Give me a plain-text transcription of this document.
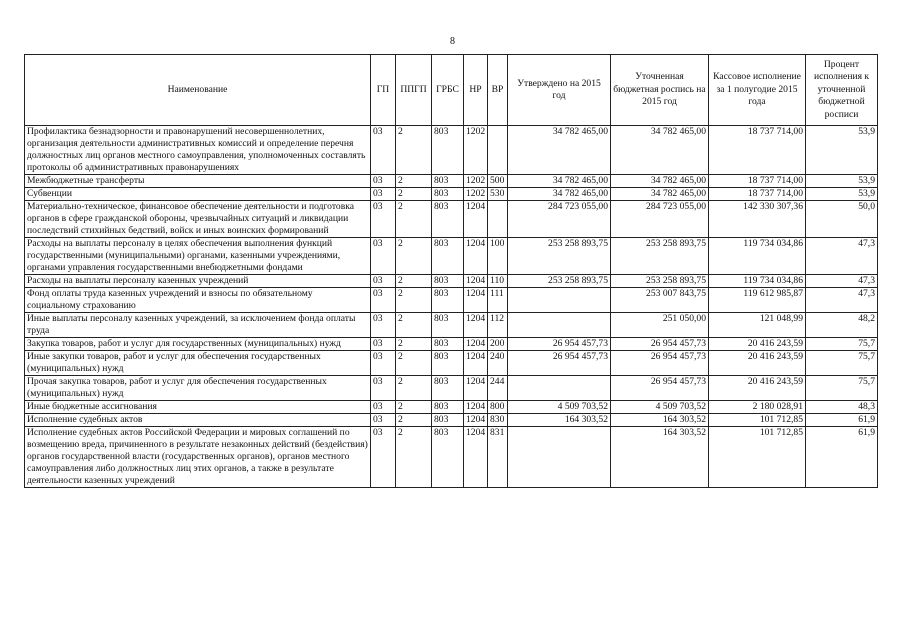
8
Наименование	ГП	ППГП	ГРБС	НР	ВР	Утверждено на 2015 год	Уточненная бюджетная роспись на 2015 год	Кассовое исполнение за 1 полугодие 2015 года	Процент исполнения к уточненной бюджетной росписи
Профилактика безнадзорности и правонарушений несовершеннолетних, организация деятельности административных комиссий и определение перечня должностных лиц органов местного самоуправления, уполномоченных составлять протоколы об административных правонарушениях	03	2	803	1202		34 782 465,00	34 782 465,00	18 737 714,00	53,9
Межбюджетные трансферты	03	2	803	1202	500	34 782 465,00	34 782 465,00	18 737 714,00	53,9
Субвенции	03	2	803	1202	530	34 782 465,00	34 782 465,00	18 737 714,00	53,9
Материально-техническое, финансовое обеспечение деятельности и подготовка органов в сфере гражданской обороны, чрезвычайных ситуаций и ликвидации последствий стихийных бедствий, войск и иных воинских формирований	03	2	803	1204		284 723 055,00	284 723 055,00	142 330 307,36	50,0
Расходы на выплаты персоналу в целях обеспечения выполнения функций государственными (муниципальными) органами, казенными учреждениями, органами управления государственными внебюджетными фондами	03	2	803	1204	100	253 258 893,75	253 258 893,75	119 734 034,86	47,3
Расходы на выплаты персоналу казенных учреждений	03	2	803	1204	110	253 258 893,75	253 258 893,75	119 734 034,86	47,3
Фонд оплаты труда казенных учреждений и взносы по обязательному социальному страхованию	03	2	803	1204	111		253 007 843,75	119 612 985,87	47,3
Иные выплаты персоналу казенных учреждений, за исключением фонда оплаты труда	03	2	803	1204	112		251 050,00	121 048,99	48,2
Закупка товаров, работ и услуг для государственных (муниципальных) нужд	03	2	803	1204	200	26 954 457,73	26 954 457,73	20 416 243,59	75,7
Иные закупки товаров, работ и услуг для обеспечения государственных (муниципальных) нужд	03	2	803	1204	240	26 954 457,73	26 954 457,73	20 416 243,59	75,7
Прочая закупка товаров, работ и услуг для обеспечения государственных (муниципальных) нужд	03	2	803	1204	244		26 954 457,73	20 416 243,59	75,7
Иные бюджетные ассигнования	03	2	803	1204	800	4 509 703,52	4 509 703,52	2 180 028,91	48,3
Исполнение судебных актов	03	2	803	1204	830	164 303,52	164 303,52	101 712,85	61,9
Исполнение судебных актов Российской Федерации и мировых соглашений по возмещению вреда, причиненного в результате незаконных действий (бездействия) органов государственной власти (государственных органов), органов местного самоуправления либо должностных лиц этих органов, а также в результате деятельности казенных учреждений	03	2	803	1204	831		164 303,52	101 712,85	61,9
